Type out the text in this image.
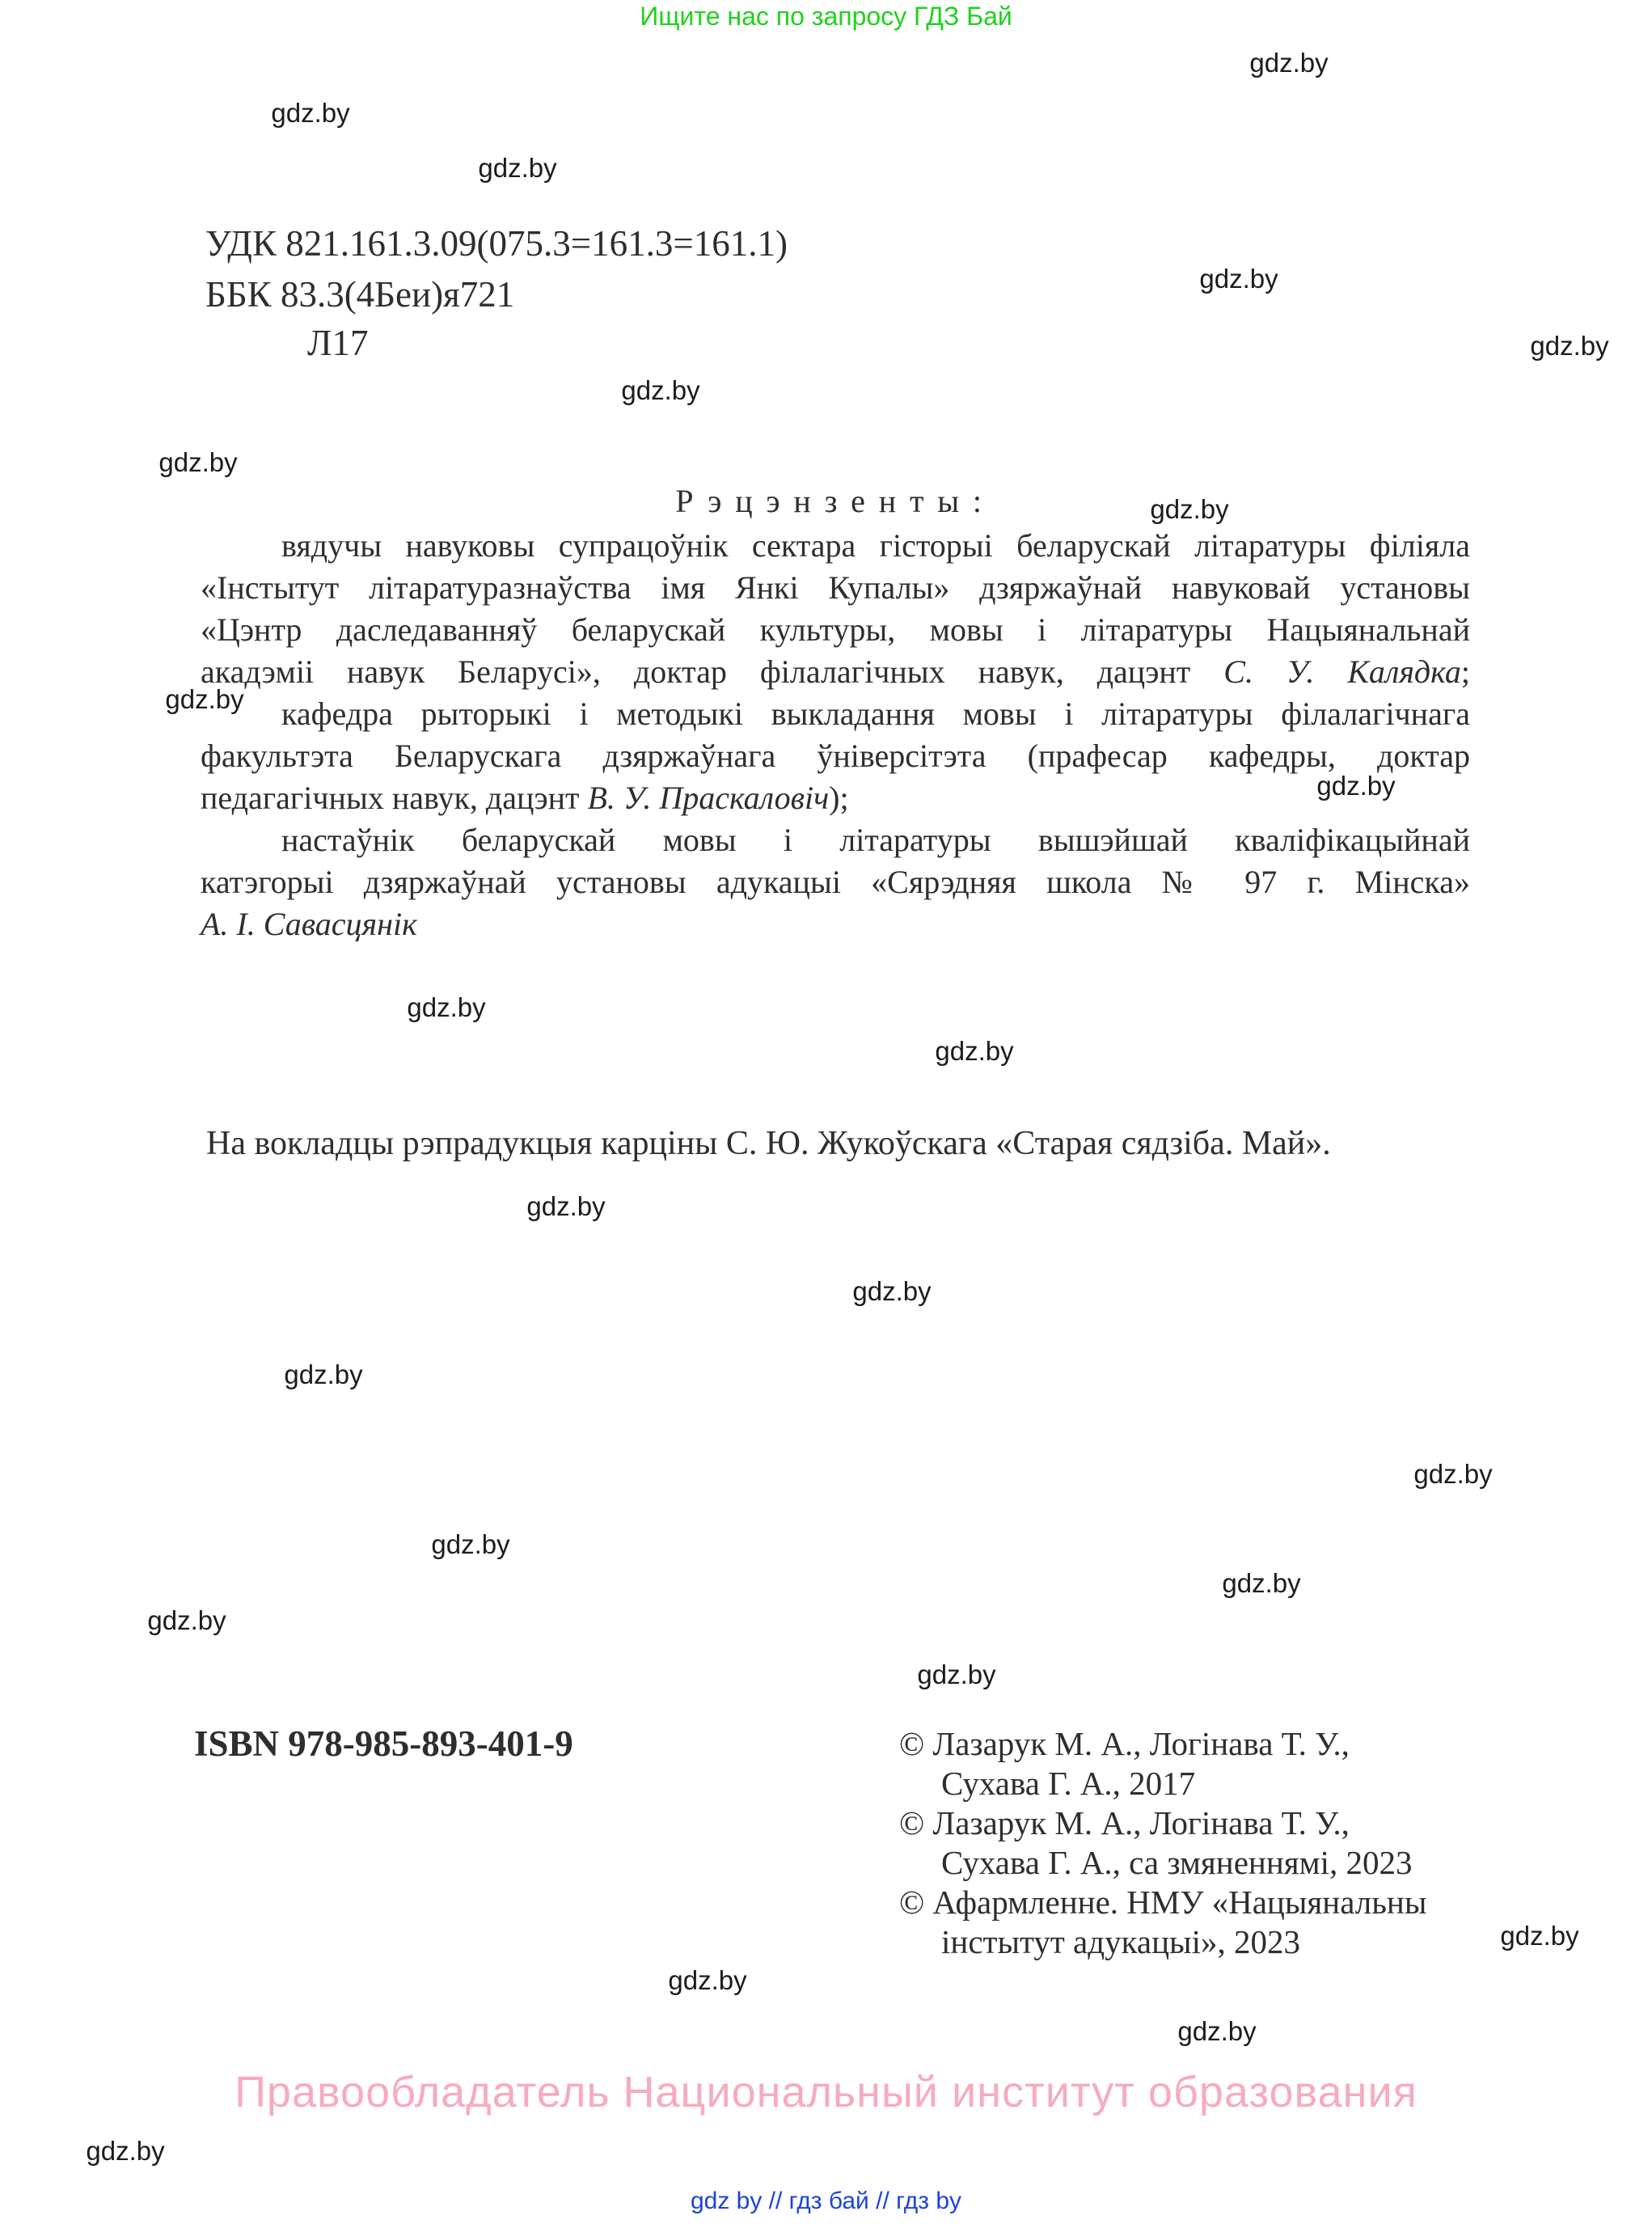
Ищите нас по запросу ГДЗ Бай
gdz.by
gdz.by
gdz.by
gdz.by
gdz.by
gdz.by
gdz.by
gdz.by
gdz.by
gdz.by
gdz.by
gdz.by
gdz.by
gdz.by
gdz.by
gdz.by
gdz.by
gdz.by
gdz.by
gdz.by
gdz.by
gdz.by
gdz.by
gdz.by
УДК 821.161.3.09(075.3=161.3=161.1)
ББК 83.3(4Беи)я721
Л17
Рэцэнзенты:
вядучы навуковы супрацоўнік сектара гісторыі беларускай літаратуры філіяла
«Інстытут літаратуразнаўства імя Янкі Купалы» дзяржаўнай навуковай установы
«Цэнтр даследаванняў беларускай культуры, мовы і літаратуры Нацыянальнай
акадэміі навук Беларусі», доктар філалагічных навук, дацэнт С. У. Калядка;
кафедра рыторыкі і методыкі выкладання мовы і літаратуры філалагічнага
факультэта Беларускага дзяржаўнага ўніверсітэта (прафесар кафедры, доктар
педагагічных навук, дацэнт В. У. Праскаловіч);
настаўнік беларускай мовы і літаратуры вышэйшай кваліфікацыйнай
катэгорыі дзяржаўнай установы адукацыі «Сярэдняя школа № 97 г. Мінска»
А. І. Савасцянік
На вокладцы рэпрадукцыя карціны С. Ю. Жукоўскага «Старая сядзіба. Май».
ISBN 978-985-893-401-9	© Лазарук М. А., Логінава Т. У.,
Сухава Г. А., 2017
© Лазарук М. А., Логінава Т. У.,
Сухава Г. А., са змяненнямі, 2023
© Афармленне. НМУ «Нацыянальны
інстытут адукацыі», 2023
Правообладатель Национальный институт образования
gdz by // гдз бай // гдз by
